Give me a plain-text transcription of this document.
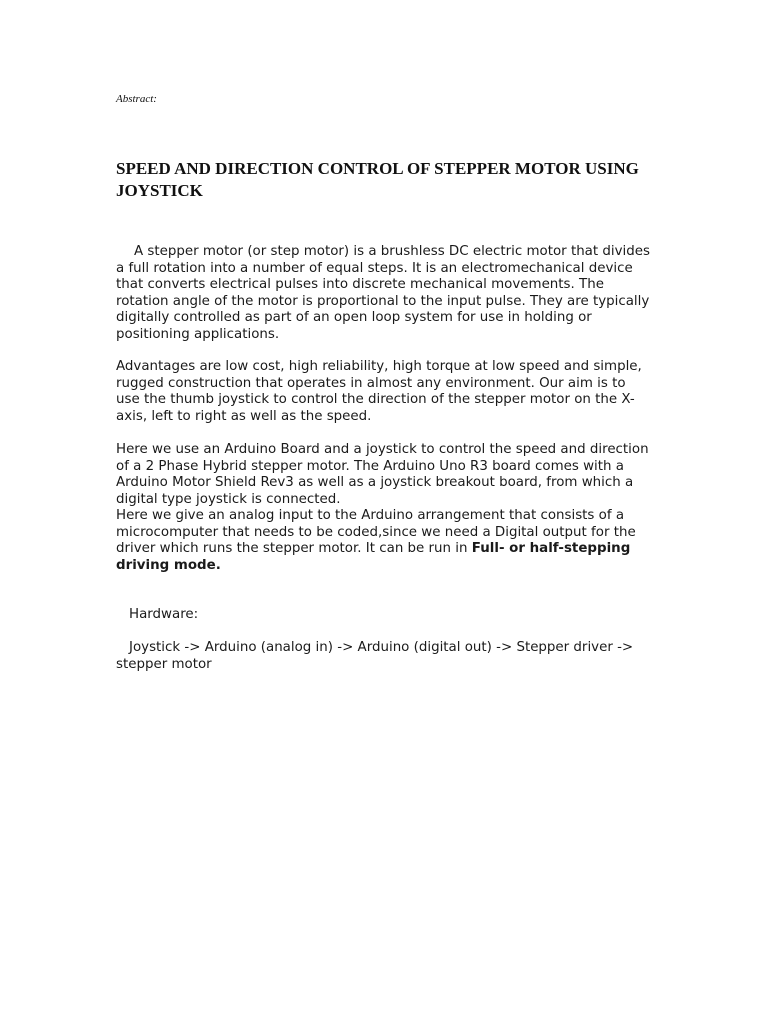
Abstract:
SPEED AND DIRECTION CONTROL OF STEPPER MOTOR USING JOYSTICK

A stepper motor (or step motor) is a brushless DC electric motor that divides a full rotation into a number of equal steps. It is an electromechanical device that converts electrical pulses into discrete mechanical movements. The rotation angle of the motor is proportional to the input pulse. They are typically digitally controlled as part of an open loop system for use in holding or positioning applications.

Advantages are low cost, high reliability, high torque at low speed and simple, rugged construction that operates in almost any environment. Our aim is to use the thumb joystick to control the direction of the stepper motor on the X-axis, left to right as well as the speed.

Here we use an Arduino Board and a joystick to control the speed and direction of a 2 Phase Hybrid stepper motor. The Arduino Uno R3 board comes with a Arduino Motor Shield Rev3 as well as a joystick breakout board, from which a digital type joystick is connected.

Here we give an analog input to the Arduino arrangement that consists of a microcomputer that needs to be coded,since we need a Digital output for the driver which runs the stepper motor. It can be run in Full- or half-stepping driving mode.

Hardware:

Joystick -> Arduino (analog in) -> Arduino (digital out) -> Stepper driver -> stepper motor
